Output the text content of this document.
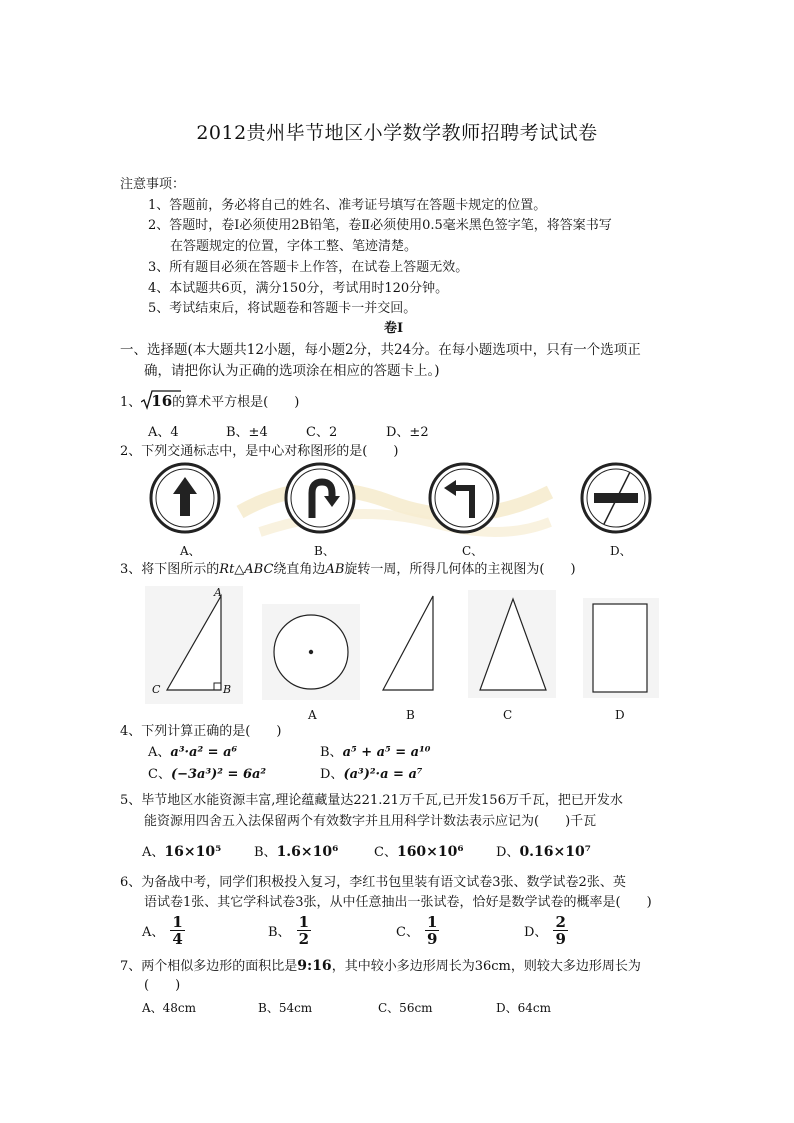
2012贵州毕节地区小学数学教师招聘考试试卷
注意事项：
1、答题前，务必将自己的姓名、准考证号填写在答题卡规定的位置。
2、答题时，卷Ⅰ必须使用2B铅笔，卷Ⅱ必须使用0.5毫米黑色签字笔，将答案书写
在答题规定的位置，字体工整、笔迹清楚。
3、所有题目必须在答题卡上作答，在试卷上答题无效。
4、本试题共6页，满分150分，考试用时120分钟。
5、考试结束后，将试题卷和答题卡一并交回。
卷Ⅰ
一、选择题(本大题共12小题，每小题2分，共24分。在每小题选项中，只有一个选项正
确，请把你认为正确的选项涂在相应的答题卡上。)
1、 16的算术平方根是(　　)
A、4	B、±4	C、2	D、±2
2、下列交通标志中，是中心对称图形的是(　　)
A、	B、	C、	D、
3、将下图所示的Rt△ABC绕直角边AB旋转一周，所得几何体的主视图为(　　)
A
C	B
A	B	C	D
4、下列计算正确的是(　　)
A、a³·a² = a⁶	B、a⁵ + a⁵ = a¹⁰
C、(−3a³)² = 6a²	D、(a³)²·a = a⁷
5、毕节地区水能资源丰富,理论蕴藏量达221.21万千瓦,已开发156万千瓦，把已开发水
能资源用四舍五入法保留两个有效数字并且用科学计数法表示应记为(　　)千瓦
A、16×10⁵	B、1.6×10⁶	C、160×10⁶ D、0.16×10⁷
6、为备战中考，同学们积极投入复习，李红书包里装有语文试卷3张、数学试卷2张、英
语试卷1张、其它学科试卷3张，从中任意抽出一张试卷，恰好是数学试卷的概率是(　　)
A、 $\frac{1}{4}$	B、 $\frac{1}{2}$	C、 $\frac{1}{9}$	D、 $\frac{2}{9}$
7、两个相似多边形的面积比是9:16，其中较小多边形周长为36cm，则较大多边形周长为
(　　)
A、48cm	B、54cm	C、56cm	D、64cm
